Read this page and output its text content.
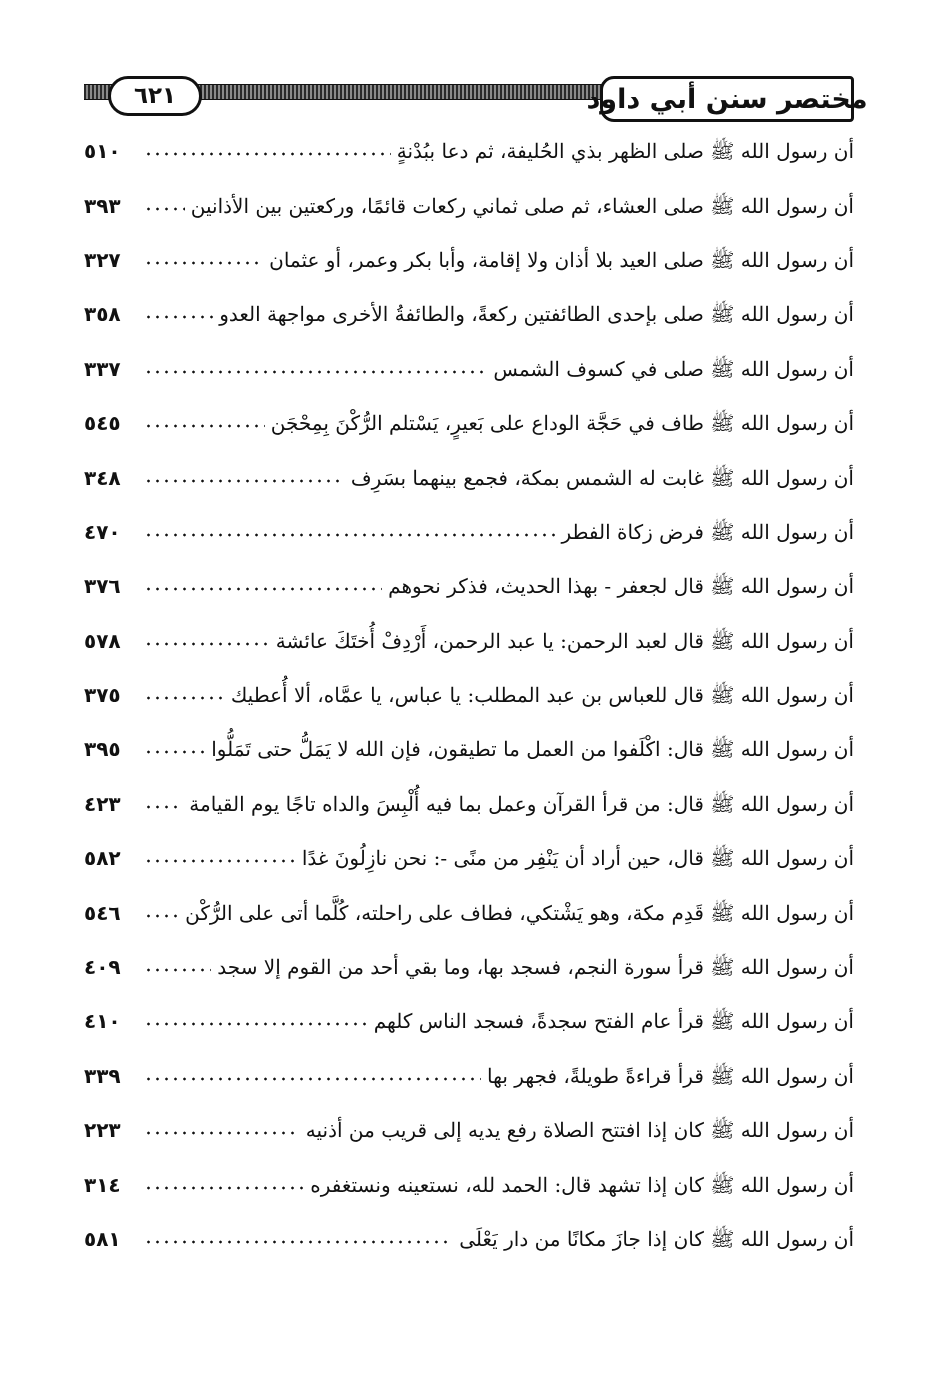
٦٢١	مختصر سنن أبي داود
أن رسول الله ﷺ صلى الظهر بذي الحُليفة، ثم دعا ببُدْنةٍ
٥١٠
أن رسول الله ﷺ صلى العشاء، ثم صلى ثماني ركعات قائمًا، وركعتين بين الأذانين
٣٩٣
أن رسول الله ﷺ صلى العيد بلا أذان ولا إقامة، وأبا بكر وعمر، أو عثمان
٣٢٧
أن رسول الله ﷺ صلى بإحدى الطائفتين ركعةً، والطائفةُ الأخرى مواجهة العدو
٣٥٨
أن رسول الله ﷺ صلى في كسوف الشمس
٣٣٧
أن رسول الله ﷺ طاف في حَجَّة الوداع على بَعيرٍ، يَسْتلم الرُّكْنَ بِمِحْجَن
٥٤٥
أن رسول الله ﷺ غابت له الشمس بمكة، فجمع بينهما بسَرِف
٣٤٨
أن رسول الله ﷺ فرض زكاة الفطر
٤٧٠
أن رسول الله ﷺ قال لجعفر - بهذا الحديث، فذكر نحوهم
٣٧٦
أن رسول الله ﷺ قال لعبد الرحمن: يا عبد الرحمن، أَرْدِفْ أُختَكَ عائشة
٥٧٨
أن رسول الله ﷺ قال للعباس بن عبد المطلب: يا عباس، يا عمَّاه، ألا أُعطيك
٣٧٥
أن رسول الله ﷺ قال: اكْلَفوا من العمل ما تطيقون، فإن الله لا يَمَلُّ حتى تَمَلُّوا
٣٩٥
أن رسول الله ﷺ قال: من قرأ القرآن وعمل بما فيه أُلْبِسَ والداه تاجًا يوم القيامة
٤٢٣
أن رسول الله ﷺ قال، حين أراد أن يَنْفِر من منًى -: نحن نازِلُونَ غدًا
٥٨٢
أن رسول الله ﷺ قَدِم مكة، وهو يَشْتكي، فطاف على راحلته، كُلَّما أتى على الرُّكْن
٥٤٦
أن رسول الله ﷺ قرأ سورة النجم، فسجد بها، وما بقي أحد من القوم إلا سجد
٤٠٩
أن رسول الله ﷺ قرأ عام الفتح سجدةً، فسجد الناس كلهم
٤١٠
أن رسول الله ﷺ قرأ قراءةً طويلةً، فجهر بها
٣٣٩
أن رسول الله ﷺ كان إذا افتتح الصلاة رفع يديه إلى قريب من أذنيه
٢٢٣
أن رسول الله ﷺ كان إذا تشهد قال: الحمد لله، نستعينه ونستغفره
٣١٤
أن رسول الله ﷺ كان إذا جازَ مكانًا من دار يَعْلَى
٥٨١
